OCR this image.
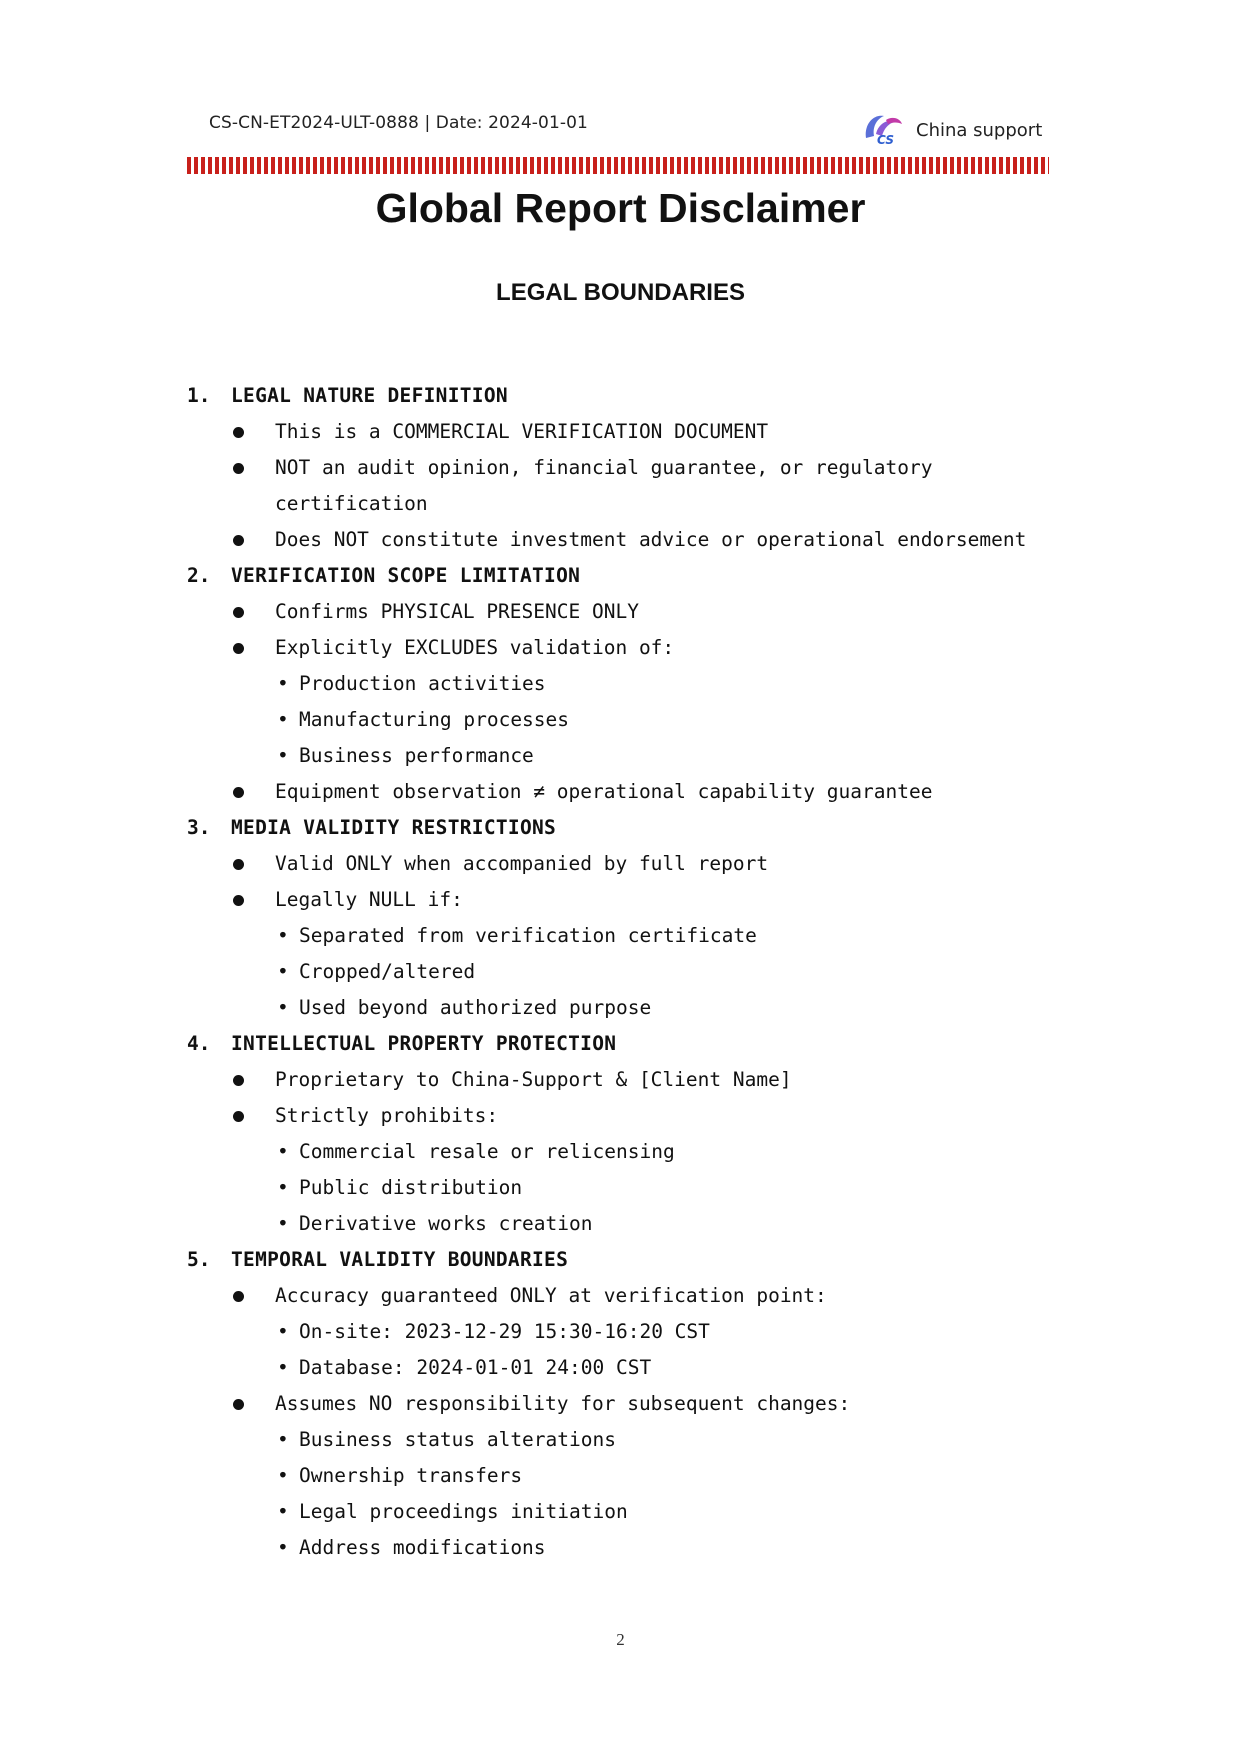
CS-CN-ET2024-ULT-0888 | Date: 2024-01-01
CS China support
Global Report Disclaimer
LEGAL BOUNDARIES
1. LEGAL NATURE DEFINITION
This is a COMMERCIAL VERIFICATION DOCUMENT
NOT an audit opinion, financial guarantee, or regulatory
certification
Does NOT constitute investment advice or operational endorsement
2. VERIFICATION SCOPE LIMITATION
Confirms PHYSICAL PRESENCE ONLY
Explicitly EXCLUDES validation of:
• Production activities
• Manufacturing processes
• Business performance
Equipment observation ≠ operational capability guarantee
3. MEDIA VALIDITY RESTRICTIONS
Valid ONLY when accompanied by full report
Legally NULL if:
• Separated from verification certificate
• Cropped/altered
• Used beyond authorized purpose
4. INTELLECTUAL PROPERTY PROTECTION
Proprietary to China-Support & [Client Name]
Strictly prohibits:
• Commercial resale or relicensing
• Public distribution
• Derivative works creation
5. TEMPORAL VALIDITY BOUNDARIES
Accuracy guaranteed ONLY at verification point:
• On-site: 2023-12-29 15:30-16:20 CST
• Database: 2024-01-01 24:00 CST
Assumes NO responsibility for subsequent changes:
• Business status alterations
• Ownership transfers
• Legal proceedings initiation
• Address modifications
2
